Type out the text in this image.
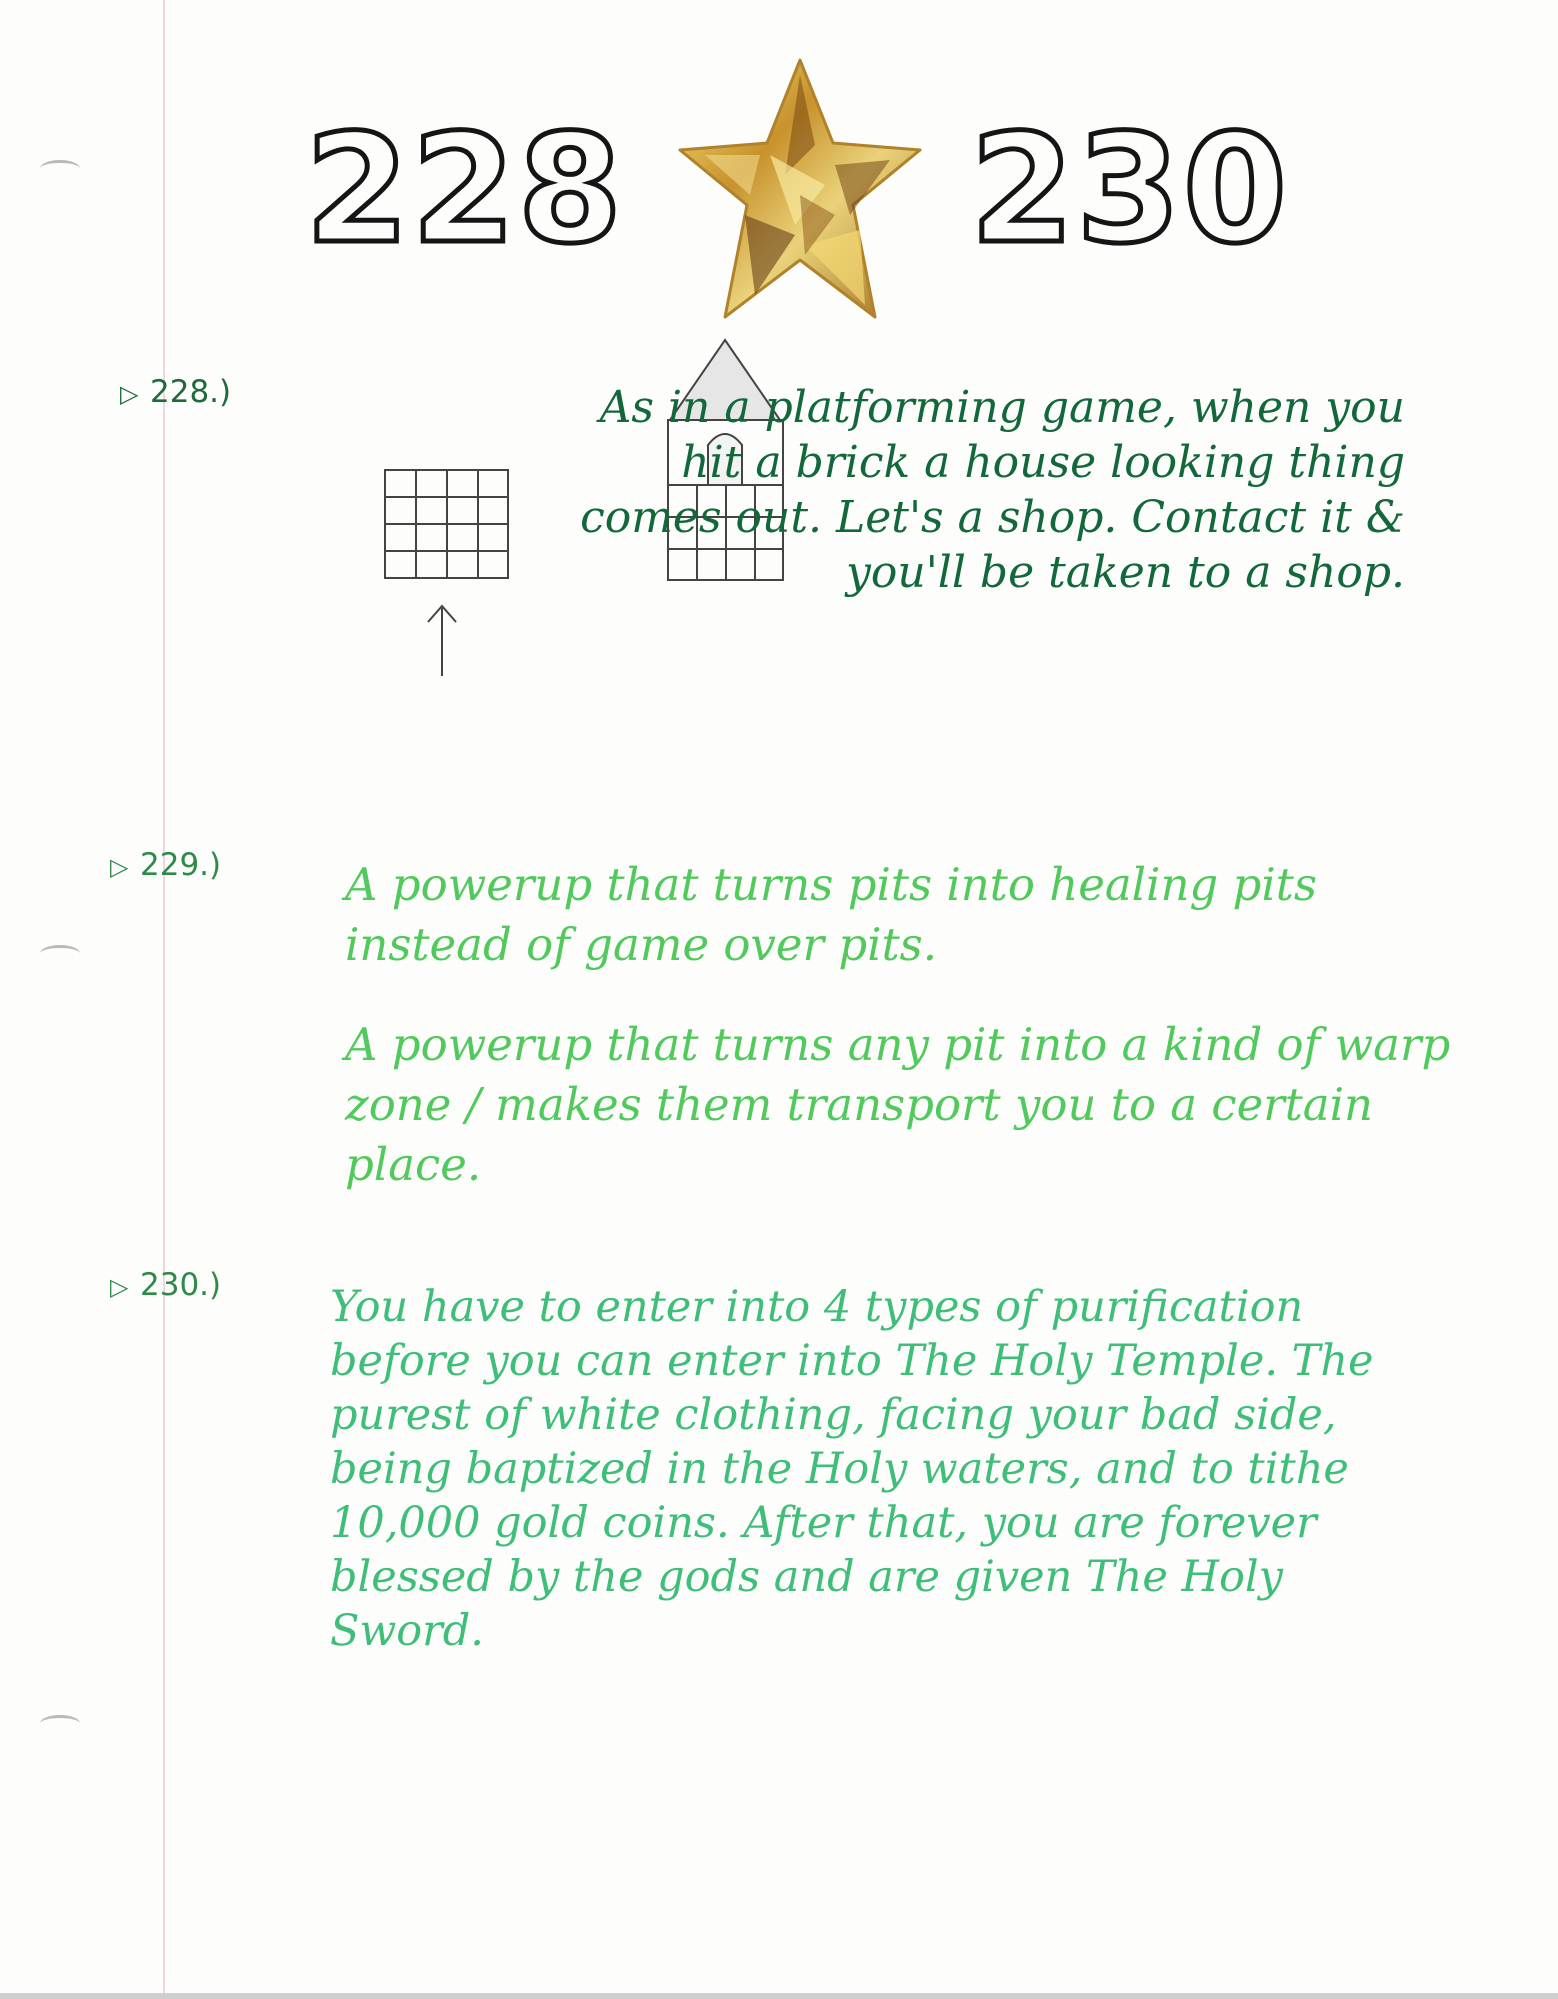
228 230
▷ 228.)	As in a platforming game, when you hit a brick a house looking thing comes out. Let's a shop. Contact it & you'll be taken to a shop.

▷ 229.)	A powerup that turns pits into healing pits instead of game over pits.

A powerup that turns any pit into a kind of warp zone / makes them transport you to a certain place.

▷ 230.)	You have to enter into 4 types of purification before you can enter into The Holy Temple. The purest of white clothing, facing your bad side, being baptized in the Holy waters, and to tithe 10,000 gold coins. After that, you are forever blessed by the gods and are given The Holy Sword.
